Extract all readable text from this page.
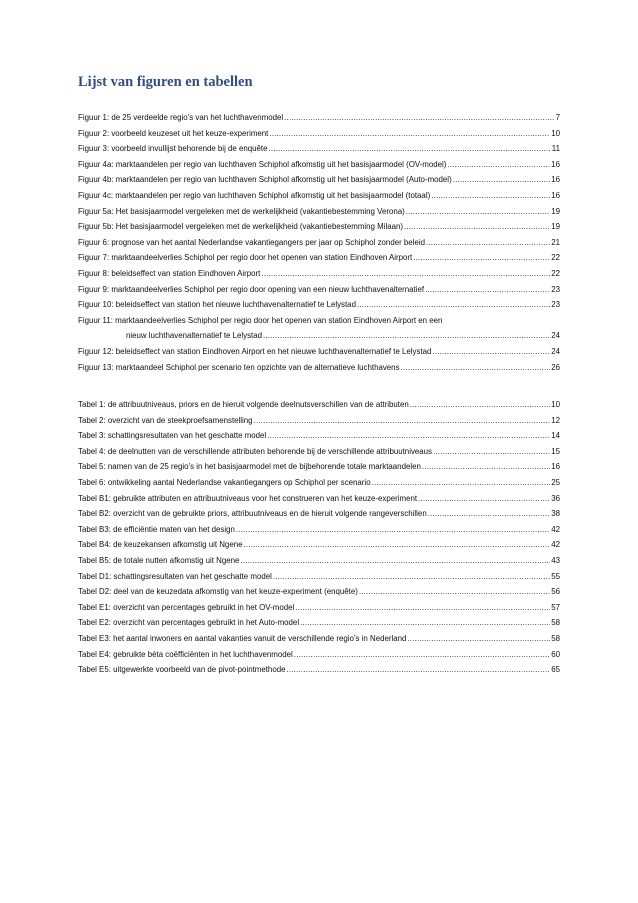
Lijst van figuren en tabellen
Figuur 1: de 25 verdeelde regio’s van het luchthavenmodel .....	7
Figuur 2: voorbeeld keuzeset uit het keuze-experiment .....	10
Figuur 3: voorbeeld invullijst behorende bij de enquête .....	11
Figuur 4a: marktaandelen per regio van luchthaven Schiphol afkomstig uit het basisjaarmodel (OV-model) .....	16
Figuur 4b: marktaandelen per regio van luchthaven Schiphol afkomstig uit het basisjaarmodel (Auto-model) .....	16
Figuur 4c: marktaandelen per regio van luchthaven Schiphol afkomstig uit het basisjaarmodel (totaal) .....	16
Figuur 5a: Het basisjaarmodel vergeleken met de werkelijkheid (vakantiebestemming Verona) .....	19
Figuur 5b: Het basisjaarmodel vergeleken met de werkelijkheid (vakantiebestemming Milaan) .....	19
Figuur 6: prognose van het aantal Nederlandse vakantiegangers per jaar op Schiphol zonder beleid .....	21
Figuur 7: marktaandeelverlies Schiphol per regio door het openen van station Eindhoven Airport .....	22
Figuur 8: beleidseffect van station Eindhoven Airport .....	22
Figuur 9: marktaandeelverlies Schiphol per regio door opening van een nieuw luchthavenalternatief .....	23
Figuur 10: beleidseffect van station het nieuwe luchthavenalternatief te Lelystad .....	23
Figuur 11: marktaandeelverlies Schiphol per regio door het openen van station Eindhoven Airport en een
nieuw luchthavenalternatief te Lelystad .....	24
Figuur 12: beleidseffect van station Eindhoven Airport en het nieuwe luchthavenalternatief te Lelystad .....	24
Figuur 13: marktaandeel Schiphol per scenario ten opzichte van de alternatieve luchthavens .....	26
Tabel 1: de attribuutniveaus, priors en de hieruit volgende deelnutsverschillen van de attributen .....	10
Tabel 2: overzicht van de steekproefsamenstelling .....	12
Tabel 3: schattingsresultaten van het geschatte model .....	14
Tabel 4: de deelnutten van de verschillende attributen behorende bij de verschillende attribuutniveaus .....	15
Tabel 5: namen van de 25 regio’s in het basisjaarmodel met de bijbehorende totale marktaandelen .....	16
Tabel 6: ontwikkeling aantal Nederlandse vakantiegangers op Schiphol per scenario .....	25
Tabel B1: gebruikte attributen en attribuutniveaus voor het construeren van het keuze-experiment .....	36
Tabel B2: overzicht van de gebruikte priors, attribuutniveaus en de hieruit volgende rangeverschillen .....	38
Tabel B3: de efficiëntie maten van het design .....	42
Tabel B4: de keuzekansen afkomstig uit Ngene .....	42
Tabel B5: de totale nutten afkomstig uit Ngene .....	43
Tabel D1: schattingsresultaten van het geschatte model .....	55
Tabel D2: deel van de keuzedata afkomstig van het keuze-experiment (enquête) .....	56
Tabel E1: overzicht van percentages gebruikt in het OV-model .....	57
Tabel E2: overzicht van percentages gebruikt in het Auto-model .....	58
Tabel E3: het aantal inwoners en aantal vakanties vanuit de verschillende regio’s in Nederland .....	58
Tabel E4: gebruikte bèta coëfficiënten in het luchthavenmodel .....	60
Tabel E5: uitgewerkte voorbeeld van de pivot-pointmethode .....	65
